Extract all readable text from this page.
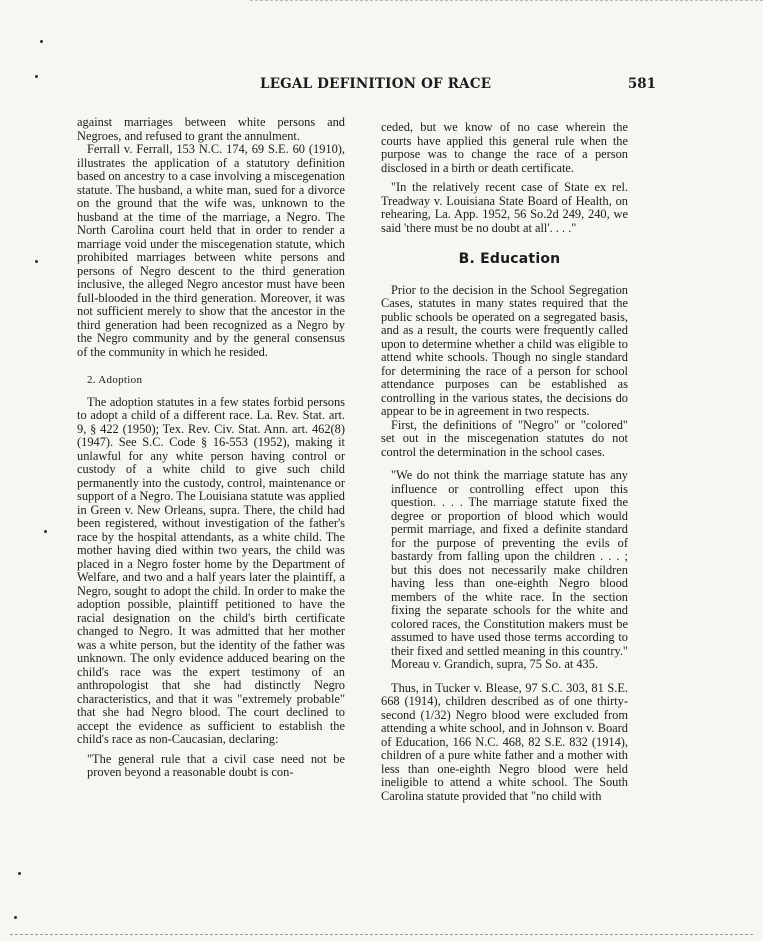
LEGAL DEFINITION OF RACE	581

against marriages between white persons and Negroes, and refused to grant the annulment.

Ferrall v. Ferrall, 153 N.C. 174, 69 S.E. 60 (1910), illustrates the application of a statutory definition based on ancestry to a case involving a miscegenation statute. The husband, a white man, sued for a divorce on the ground that the wife was, unknown to the husband at the time of the marriage, a Negro. The North Carolina court held that in order to render a marriage void under the miscegenation statute, which prohibited marriages between white persons and persons of Negro descent to the third generation inclusive, the alleged Negro ancestor must have been full-blooded in the third generation. Moreover, it was not sufficient merely to show that the ancestor in the third generation had been recognized as a Negro by the Negro community and by the general consensus of the community in which he resided.

2. Adoption

The adoption statutes in a few states forbid persons to adopt a child of a different race. La. Rev. Stat. art. 9, § 422 (1950); Tex. Rev. Civ. Stat. Ann. art. 462(8) (1947). See S.C. Code § 16-553 (1952), making it unlawful for any white person having control or custody of a white child to give such child permanently into the custody, control, maintenance or support of a Negro. The Louisiana statute was applied in Green v. New Orleans, supra. There, the child had been registered, without investigation of the father's race by the hospital attendants, as a white child. The mother having died within two years, the child was placed in a Negro foster home by the Department of Welfare, and two and a half years later the plaintiff, a Negro, sought to adopt the child. In order to make the adoption possible, plaintiff petitioned to have the racial designation on the child's birth certificate changed to Negro. It was admitted that her mother was a white person, but the identity of the father was unknown. The only evidence adduced bearing on the child's race was the expert testimony of an anthropologist that she had distinctly Negro characteristics, and that it was "extremely probable" that she had Negro blood. The court declined to accept the evidence as sufficient to establish the child's race as non-Caucasian, declaring:

"The general rule that a civil case need not be proven beyond a reasonable doubt is con-

ceded, but we know of no case wherein the courts have applied this general rule when the purpose was to change the race of a person disclosed in a birth or death certificate.

"In the relatively recent case of State ex rel. Treadway v. Louisiana State Board of Health, on rehearing, La. App. 1952, 56 So.2d 249, 240, we said 'there must be no doubt at all'. . . ."

B. Education

Prior to the decision in the School Segregation Cases, statutes in many states required that the public schools be operated on a segregated basis, and as a result, the courts were frequently called upon to determine whether a child was eligible to attend white schools. Though no single standard for determining the race of a person for school attendance purposes can be established as controlling in the various states, the decisions do appear to be in agreement in two respects.

First, the definitions of "Negro" or "colored" set out in the miscegenation statutes do not control the determination in the school cases.

"We do not think the marriage statute has any influence or controlling effect upon this question. . . . The marriage statute fixed the degree or proportion of blood which would permit marriage, and fixed a definite standard for the purpose of preventing the evils of bastardy from falling upon the children . . . ; but this does not necessarily make children having less than one-eighth Negro blood members of the white race. In the section fixing the separate schools for the white and colored races, the Constitution makers must be assumed to have used those terms according to their fixed and settled meaning in this country." Moreau v. Grandich, supra, 75 So. at 435.

Thus, in Tucker v. Blease, 97 S.C. 303, 81 S.E. 668 (1914), children described as of one thirty-second (1/32) Negro blood were excluded from attending a white school, and in Johnson v. Board of Education, 166 N.C. 468, 82 S.E. 832 (1914), children of a pure white father and a mother with less than one-eighth Negro blood were held ineligible to attend a white school. The South Carolina statute provided that "no child with
